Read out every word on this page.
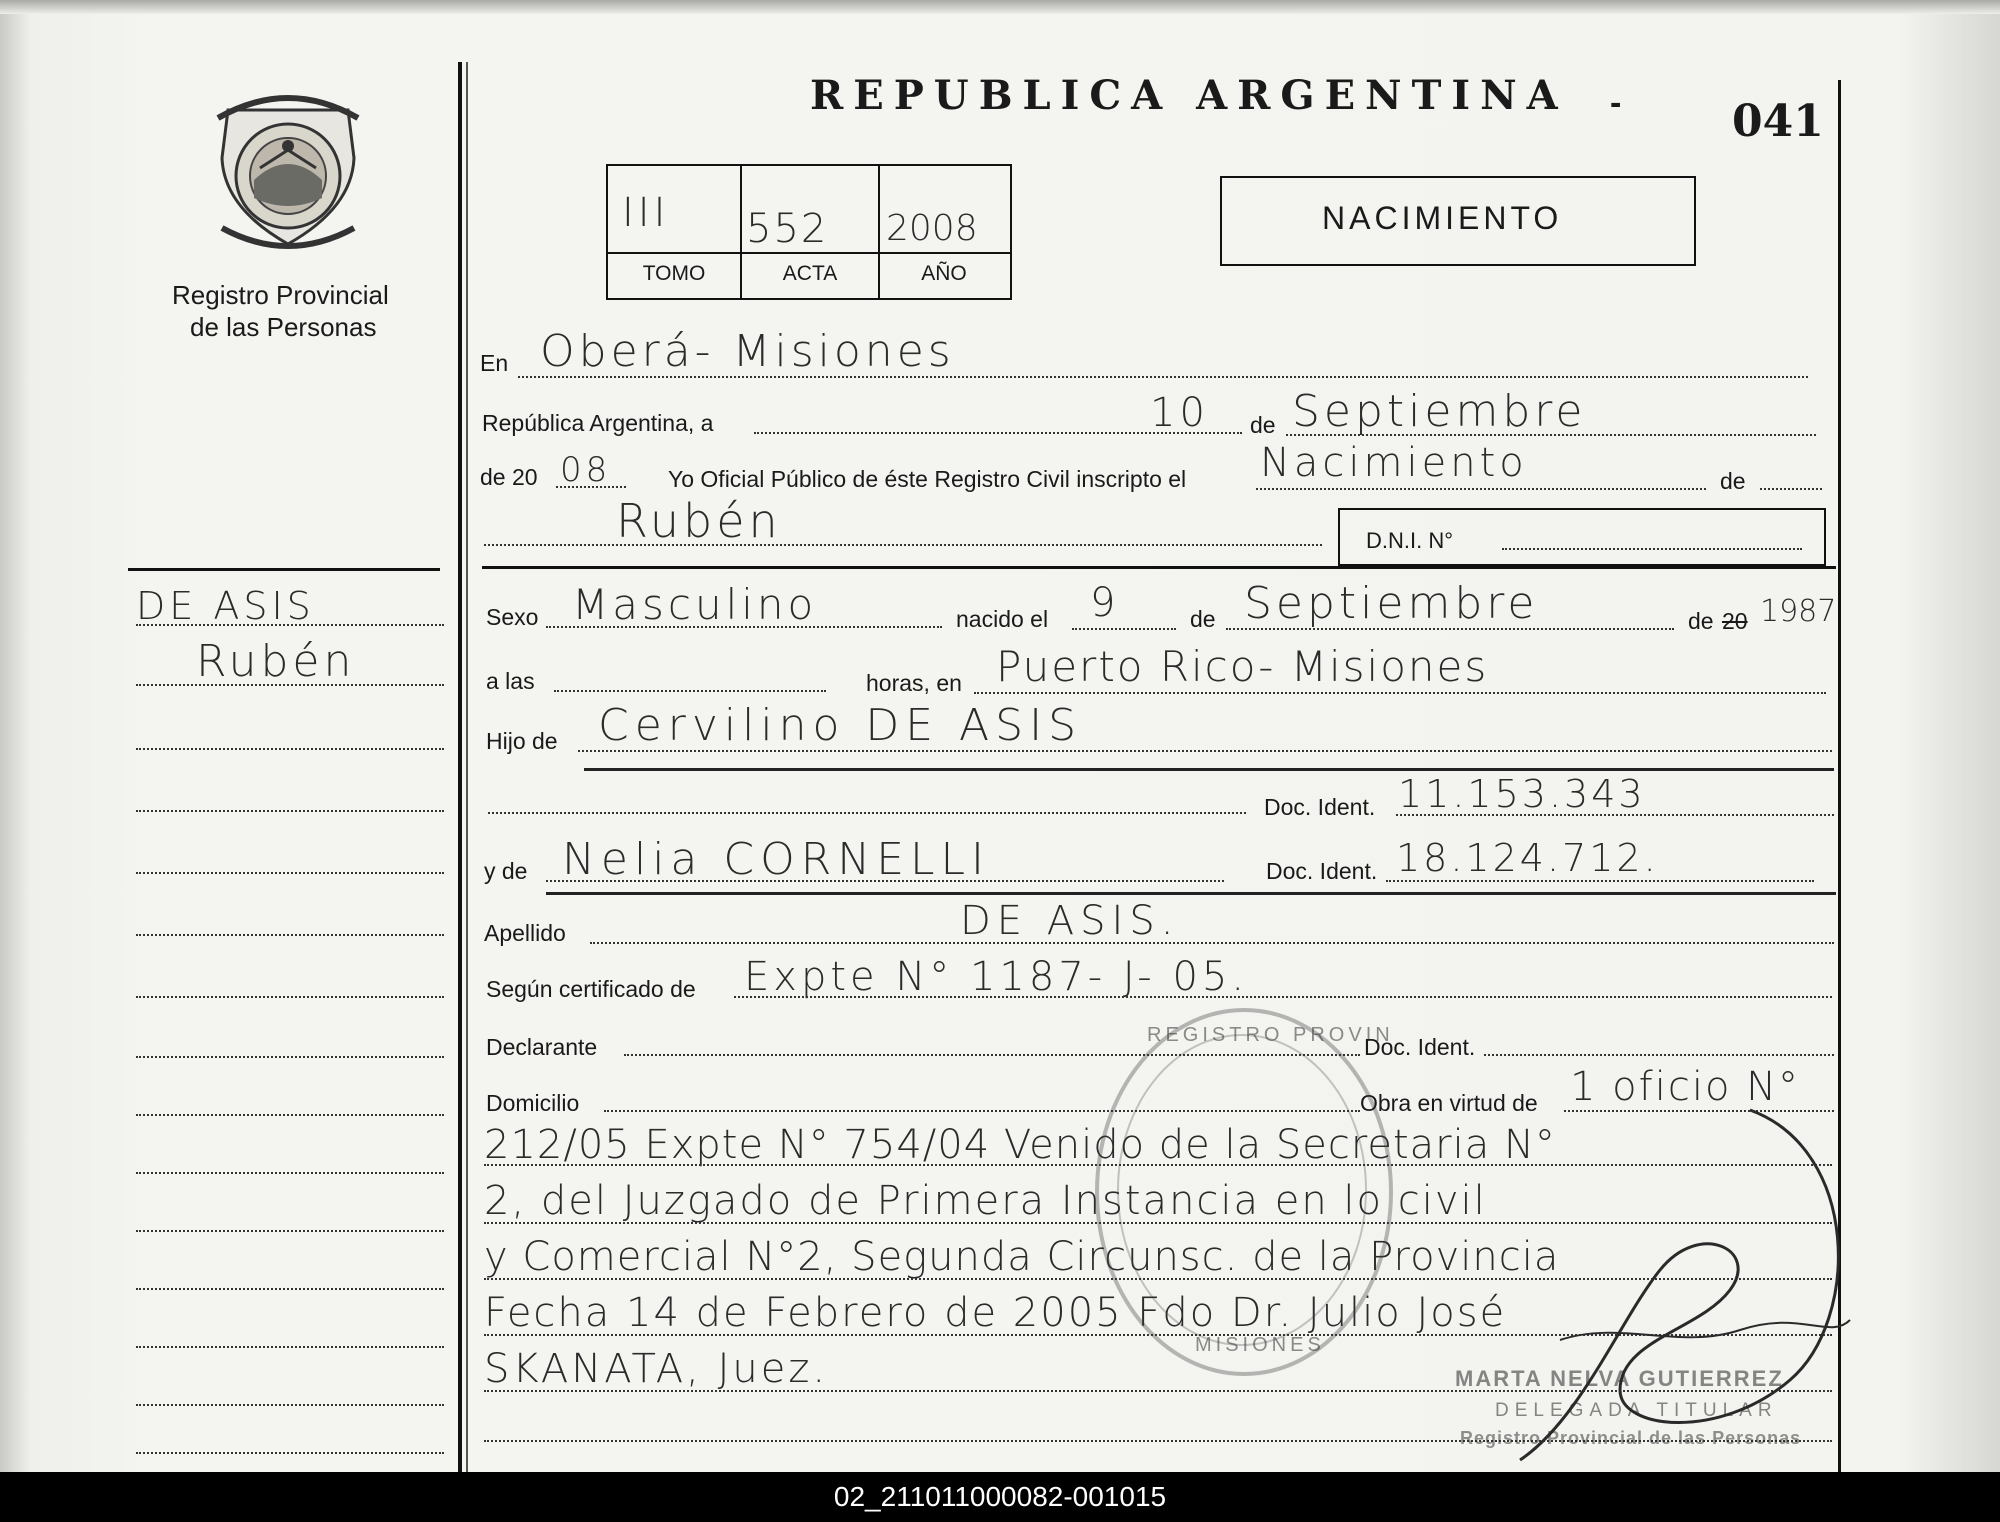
Registro Provincial
de las Personas
DE ASIS
Rubén
REPUBLICA ARGENTINA -	041
III 552 2008
TOMO	ACTA	AÑO
NACIMIENTO
En Oberá- Misiones
República Argentina, a	10 de Septiembre
de 20 08 Yo Oficial Público de éste Registro Civil inscripto el Nacimiento	de
Rubén	D.N.I. N°
Sexo Masculino	nacido el 9	de Septiembre	de 20 1987
a las	horas, en Puerto Rico- Misiones
Hijo de Cervilino DE ASIS
Doc. Ident. 11.153.343
y de Nelia CORNELLI	Doc. Ident. 18.124.712.
Apellido	DE ASIS.
Según certificado de Expte N° 1187- J- 05.
Declarante	Doc. Ident.
Domicilio	Obra en virtud de 1 oficio N°
212/05 Expte N° 754/04 Venido de la Secretaria N°
2, del Juzgado de Primera Instancia en lo civil
y Comercial N°2, Segunda Circunsc. de la Provincia
Fecha 14 de Febrero de 2005 Fdo Dr. Julio José
SKANATA, Juez.
REGISTRO PROVIN
MISIONES
MARTA NELVA GUTIERREZ
DELEGADA TITULAR
Registro Provincial de las Personas
02_211011000082-001015
